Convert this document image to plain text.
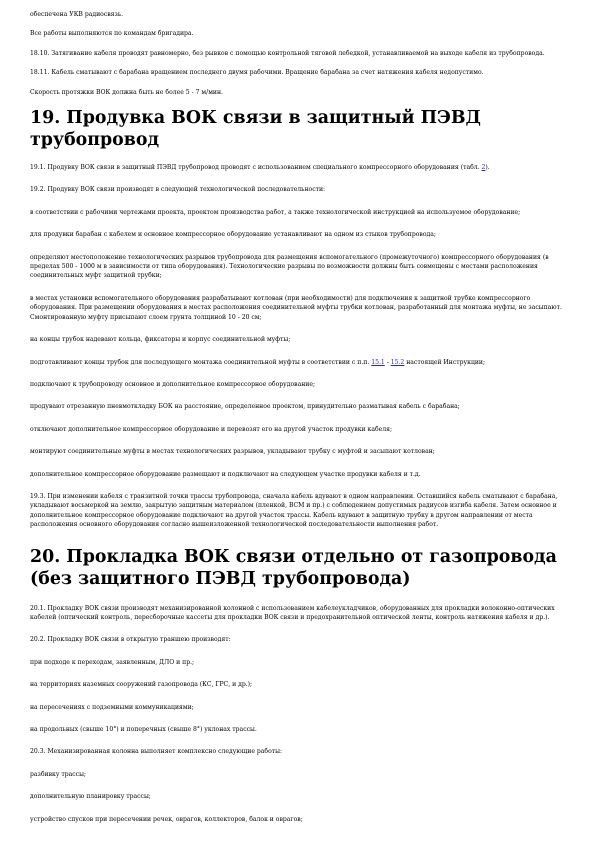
обеспечена УКВ радиосвязь.

Все работы выполняются по командам бригадира.

18.10. Затягивание кабеля проводят равномерно, без рывков с помощью контрольной тяговой лебедкой, устанавливаемой на выходе кабеля из трубопровода.

18.11. Кабель сматывают с барабана вращением последнего двумя рабочими. Вращение барабана за счет натяжения кабеля недопустимо.

Скорость протяжки ВОК должна быть не более 5 - 7 м/мин.

19. Продувка ВОК связи в защитный ПЭВД трубопровод

19.1. Продувку ВОК связи в защитный ПЭВД трубопровод проводят с использованием специального компрессорного оборудования (табл. 2).

19.2. Продувку ВОК связи производят в следующей технологической последовательности:

в соответствии с рабочими чертежами проекта, проектом производства работ, а также технологической инструкцией на используемое оборудование;

для продувки барабан с кабелем и основное компрессорное оборудование устанавливают на одном из стыков трубопровода;

определяют местоположение технологических разрывов трубопровода для размещения вспомогательного (промежуточного) компрессорного оборудования (в пределах 500 - 1000 м в зависимости от типа оборудования). Технологические разрывы по возможности должны быть совмещены с местами расположения соединительных муфт защитной трубки;

в местах установки вспомогательного оборудования разрабатывают котлован (при необходимости) для подключения к защитной трубке компрессорного оборудования. При размещении оборудования в местах расположения соединительной муфты трубки котлован, разработанный для монтажа муфты, не засыпают. Смонтированную муфту присыпают слоем грунта толщиной 10 - 20 см;

на концы трубок надевают кольца, фиксаторы и корпус соединительной муфты;

подготавливают концы трубок для последующего монтажа соединительной муфты в соответствии с п.п. 15.1 - 15.2 настоящей Инструкции;

подключают к трубопроводу основное и дополнительное компрессорное оборудование;

продувают отрезанную пневмоткладку БОК на расстояние, определенное проектом, принудительно разматывая кабель с барабана;

отключают дополнительное компрессорное оборудование и перевозят его на другой участок продувки кабеля;

монтируют соединительные муфты в местах технологических разрывов, укладывают трубку с муфтой и засыпают котлован;

дополнительное компрессорное оборудование размещают и подключают на следующем участке продувки кабеля и т.д.

19.3. При изменении кабеля с транзитной точки трассы трубопровода, сначала кабель вдувают в одном направлении. Оставшийся кабель сматывают с барабана, укладывают восьмеркой на землю, закрытую защитным материалом (пленкой, ВСМ и пр.) с соблюдением допустимых радиусов изгиба кабеля. Затем основное и дополнительное компрессорное оборудование подключают на другой участок трассы. Кабель вдувают в защитную трубку в другом направлении от места расположения основного оборудования согласно вышеизложенной технологической последовательности выполнения работ.

20. Прокладка ВОК связи отдельно от газопровода (без защитного ПЭВД трубопровода)

20.1. Прокладку ВОК связи производят механизированной колонной с использованием кабелеукладчиков, оборудованных для прокладки волоконно-оптических кабелей (оптический контроль, пересборочные кассеты для прокладки ВОК связи и предохранительной оптической ленты, контроль натяжения кабеля и др.).

20.2. Прокладку ВОК связи в открытую траншею производят:

при подходе к переходам, заявленным, ДЛО и пр.;

на территориях наземных сооружений газопровода (КС, ГРС, и др.);

на пересечениях с подземными коммуникациями;

на продольных (свыше 10°) и поперечных (свыше 8°) уклонах трассы.

20.3. Механизированная колонна выполняет комплексно следующие работы:

разбивку трассы;

дополнительную планировку трассы;

устройство спусков при пересечении речек, оврагов, коллекторов, балок и оврагов;
